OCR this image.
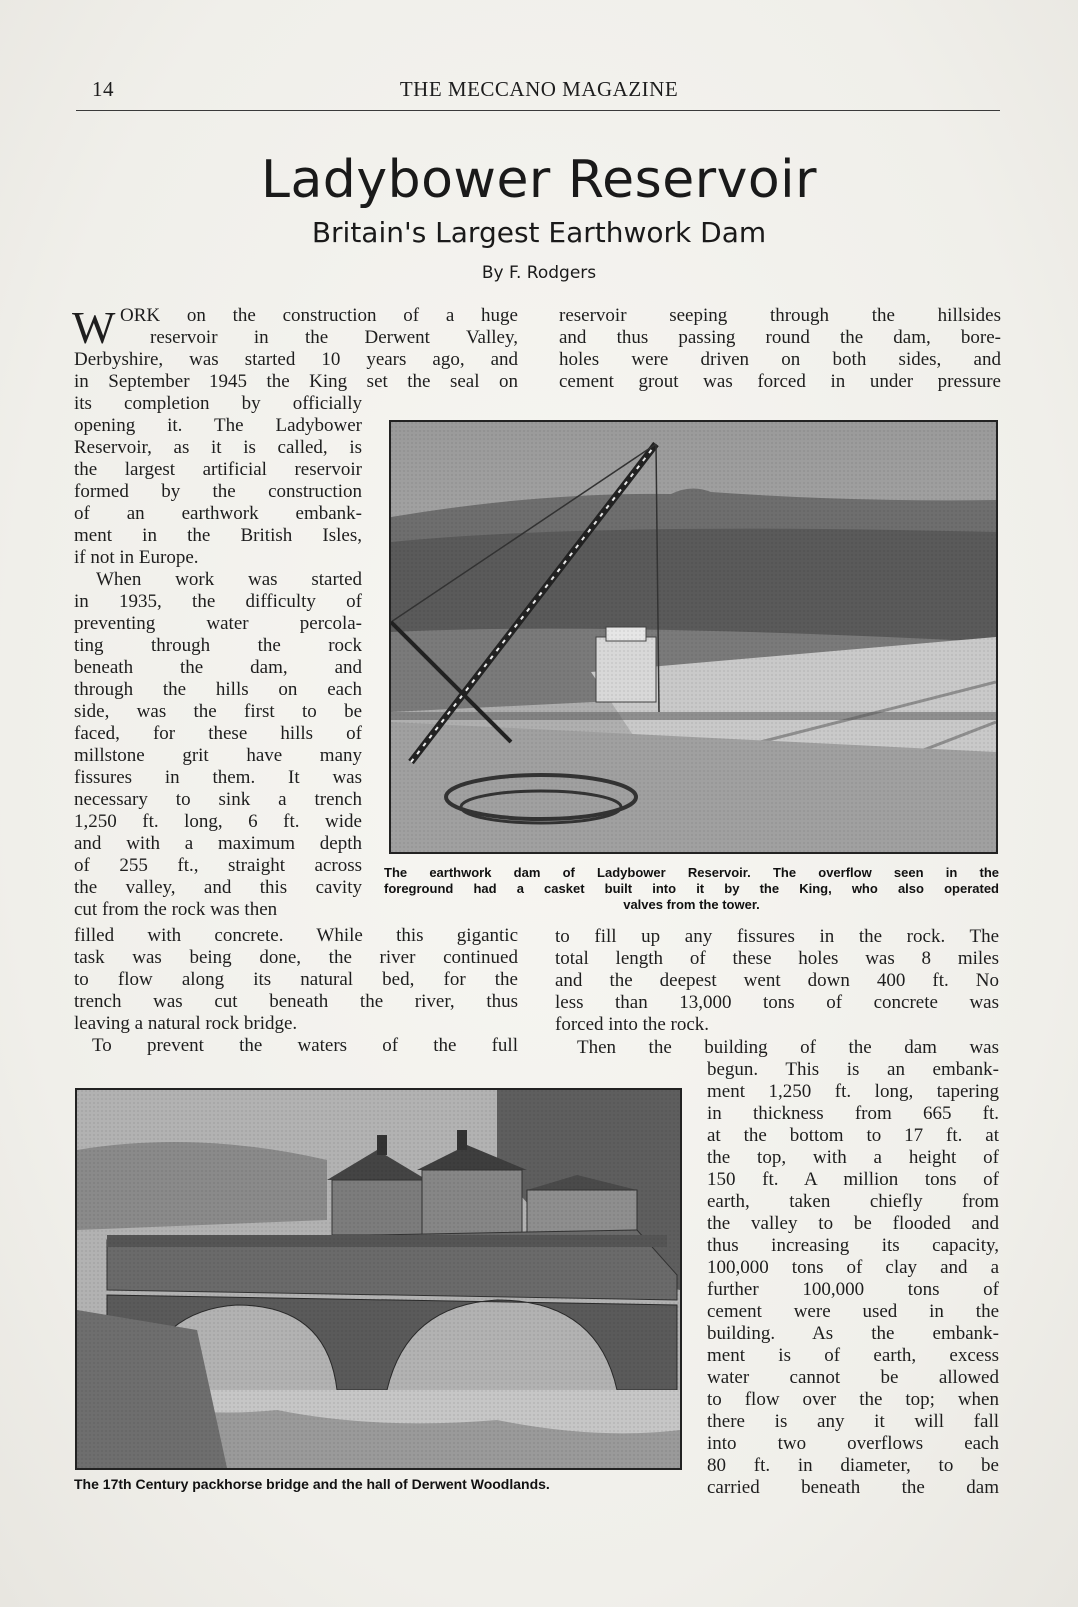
14	THE MECCANO MAGAZINE
Ladybower Reservoir
Britain's Largest Earthwork Dam
By F. Rodgers
W ORK on the construction of a huge
reservoir in the Derwent Valley,
Derbyshire, was started 10 years ago, and
in September 1945 the King set the seal on
its completion by officially
opening it. The Ladybower
Reservoir, as it is called, is
the largest artificial reservoir
formed by the construction
of an earthwork embank-
ment in the British Isles,
if not in Europe.
When work was started
in 1935, the difficulty of
preventing water percola-
ting through the rock
beneath the dam, and
through the hills on each
side, was the first to be
faced, for these hills of
millstone grit have many
fissures in them. It was
necessary to sink a trench
1,250 ft. long, 6 ft. wide
and with a maximum depth
of 255 ft., straight across
the valley, and this cavity
cut from the rock was then
filled with concrete. While this gigantic
task was being done, the river continued
to flow along its natural bed, for the
trench was cut beneath the river, thus
leaving a natural rock bridge.
To prevent the waters of the full
reservoir seeping through the hillsides
and thus passing round the dam, bore-
holes were driven on both sides, and
cement grout was forced in under pressure
The earthwork dam of Ladybower Reservoir. The overflow seen in the
foreground had a casket built into it by the King, who also operated
valves from the tower.
to fill up any fissures in the rock. The
total length of these holes was 8 miles
and the deepest went down 400 ft. No
less than 13,000 tons of concrete was
forced into the rock.
Then the building of the dam was
begun. This is an embank-
ment 1,250 ft. long, tapering
in thickness from 665 ft.
at the bottom to 17 ft. at
the top, with a height of
150 ft. A million tons of
earth, taken chiefly from
the valley to be flooded and
thus increasing its capacity,
100,000 tons of clay and a
further 100,000 tons of
cement were used in the
building. As the embank-
ment is of earth, excess
water cannot be allowed
to flow over the top; when
there is any it will fall
into two overflows each
80 ft. in diameter, to be
carried beneath the dam
The 17th Century packhorse bridge and the hall of Derwent Woodlands.
